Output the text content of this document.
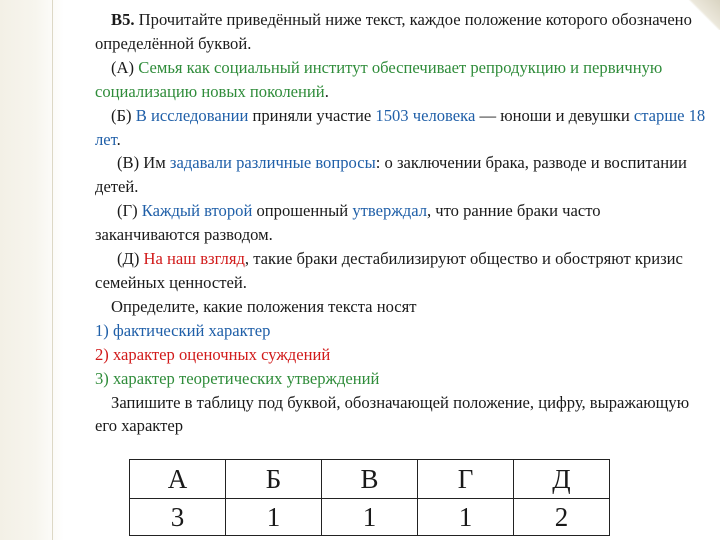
В5. Прочитайте приведённый ниже текст, каждое положение которого обозначено определённой буквой.

(А) Семья как социальный институт обеспечивает репродукцию и первичную социализацию новых поколений.

(Б) В исследовании приняли участие 1503 человека — юноши и девушки старше 18 лет.

(В) Им задавали различные вопросы: о заключении брака, разводе и воспитании детей.

(Г) Каждый второй опрошенный утверждал, что ранние браки часто заканчиваются разводом.

(Д) На наш взгляд, такие браки дестабилизируют общество и обостряют кризис семейных ценностей.

Определите, какие положения текста носят

1) фактический характер

2) характер оценочных суждений

3) характер теоретических утверждений

Запишите в таблицу под буквой, обозначающей положение, цифру, выражающую его характер

А	Б	В	Г	Д
3	1	1	1	2
